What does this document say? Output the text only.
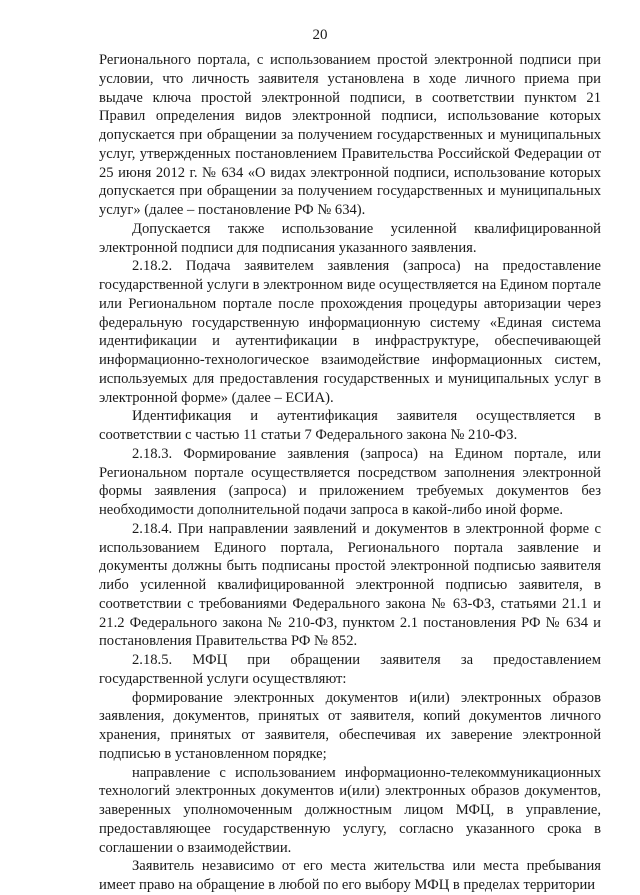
20

Регионального портала, с использованием простой электронной подписи при условии, что личность заявителя установлена в ходе личного приема при выдаче ключа простой электронной подписи, в соответствии пунктом 21 Правил определения видов электронной подписи, использование которых допускается при обращении за получением государственных и муниципальных услуг, утвержденных постановлением Правительства Российской Федерации от 25 июня 2012 г. № 634 «О видах электронной подписи, использование которых допускается при обращении за получением государственных и муниципальных услуг» (далее – постановление РФ № 634).

Допускается также использование усиленной квалифицированной электронной подписи для подписания указанного заявления.

2.18.2. Подача заявителем заявления (запроса) на предоставление государственной услуги в электронном виде осуществляется на Едином портале или Региональном портале после прохождения процедуры авторизации через федеральную государственную информационную систему «Единая система идентификации и аутентификации в инфраструктуре, обеспечивающей информационно-технологическое взаимодействие информационных систем, используемых для предоставления государственных и муниципальных услуг в электронной форме» (далее – ЕСИА).

Идентификация и аутентификация заявителя осуществляется в соответствии с частью 11 статьи 7 Федерального закона № 210-ФЗ.

2.18.3. Формирование заявления (запроса) на Едином портале, или Региональном портале осуществляется посредством заполнения электронной формы заявления (запроса) и приложением требуемых документов без необходимости дополнительной подачи запроса в какой-либо иной форме.

2.18.4. При направлении заявлений и документов в электронной форме с использованием Единого портала, Регионального портала заявление и документы должны быть подписаны простой электронной подписью заявителя либо усиленной квалифицированной электронной подписью заявителя, в соответствии с требованиями Федерального закона № 63-ФЗ, статьями 21.1 и 21.2 Федерального закона № 210-ФЗ, пунктом 2.1 постановления РФ № 634 и постановления Правительства РФ № 852.

2.18.5. МФЦ при обращении заявителя за предоставлением государственной услуги осуществляют:

формирование электронных документов и(или) электронных образов заявления, документов, принятых от заявителя, копий документов личного хранения, принятых от заявителя, обеспечивая их заверение электронной подписью в установленном порядке;

направление с использованием информационно-телекоммуникационных технологий электронных документов и(или) электронных образов документов, заверенных уполномоченным должностным лицом МФЦ, в управление, предоставляющее государственную услугу, согласно указанного срока в соглашении о взаимодействии.

Заявитель независимо от его места жительства или места пребывания имеет право на обращение в любой по его выбору МФЦ в пределах территории
